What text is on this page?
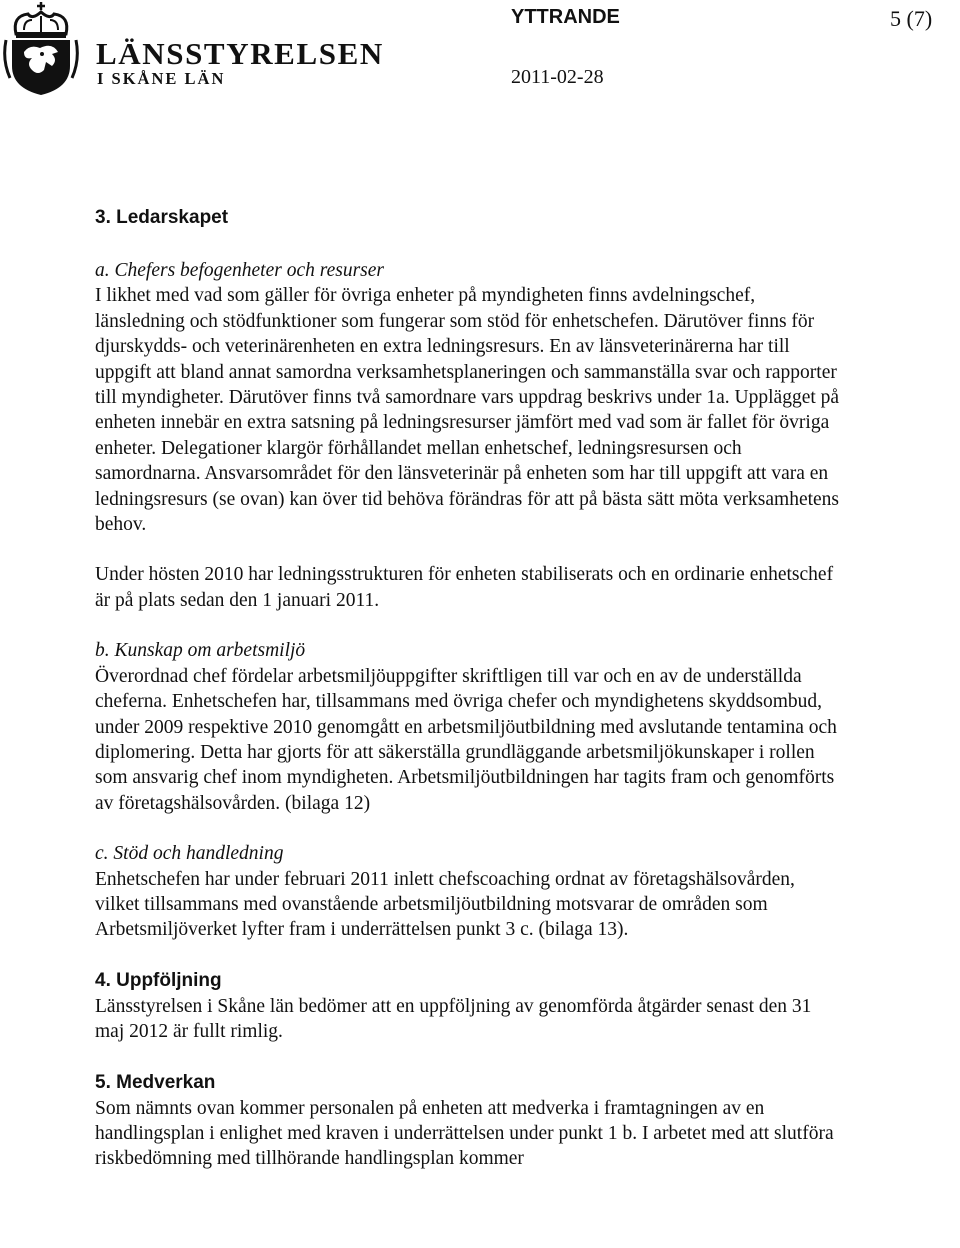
LÄNSSTYRELSEN
I SKÅNE LÄN
YTTRANDE	5 (7)
2011-02-28
3. Ledarskapet

a. Chefers befogenheter och resurser

I likhet med vad som gäller för övriga enheter på myndigheten finns avdelningschef, länsledning och stödfunktioner som fungerar som stöd för enhetschefen. Därutöver finns för djurskydds- och veterinärenheten en extra ledningsresurs. En av länsveterinärerna har till uppgift att bland annat samordna verksamhetsplaneringen och sammanställa svar och rapporter till myndigheter. Därutöver finns två samordnare vars uppdrag beskrivs under 1a. Upplägget på enheten innebär en extra satsning på ledningsresurser jämfört med vad som är fallet för övriga enheter. Delegationer klargör förhållandet mellan enhetschef, ledningsresursen och samordnarna. Ansvarsområdet för den länsveterinär på enheten som har till uppgift att vara en ledningsresurs (se ovan) kan över tid behöva förändras för att på bästa sätt möta verksamhetens behov.

Under hösten 2010 har ledningsstrukturen för enheten stabiliserats och en ordinarie enhetschef är på plats sedan den 1 januari 2011.

b. Kunskap om arbetsmiljö

Överordnad chef fördelar arbetsmiljöuppgifter skriftligen till var och en av de underställda cheferna. Enhetschefen har, tillsammans med övriga chefer och myndighetens skyddsombud, under 2009 respektive 2010 genomgått en arbetsmiljöutbildning med avslutande tentamina och diplomering. Detta har gjorts för att säkerställa grundläggande arbetsmiljökunskaper i rollen som ansvarig chef inom myndigheten. Arbetsmiljöutbildningen har tagits fram och genomförts av företagshälsovården. (bilaga 12)

c. Stöd och handledning

Enhetschefen har under februari 2011 inlett chefscoaching ordnat av företagshälsovården, vilket tillsammans med ovanstående arbetsmiljöutbildning motsvarar de områden som Arbetsmiljöverket lyfter fram i underrättelsen punkt 3 c. (bilaga 13).

4. Uppföljning

Länsstyrelsen i Skåne län bedömer att en uppföljning av genomförda åtgärder senast den 31 maj 2012 är fullt rimlig.

5. Medverkan

Som nämnts ovan kommer personalen på enheten att medverka i framtagningen av en handlingsplan i enlighet med kraven i underrättelsen under punkt 1 b. I arbetet med att slutföra riskbedömning med tillhörande handlingsplan kommer
